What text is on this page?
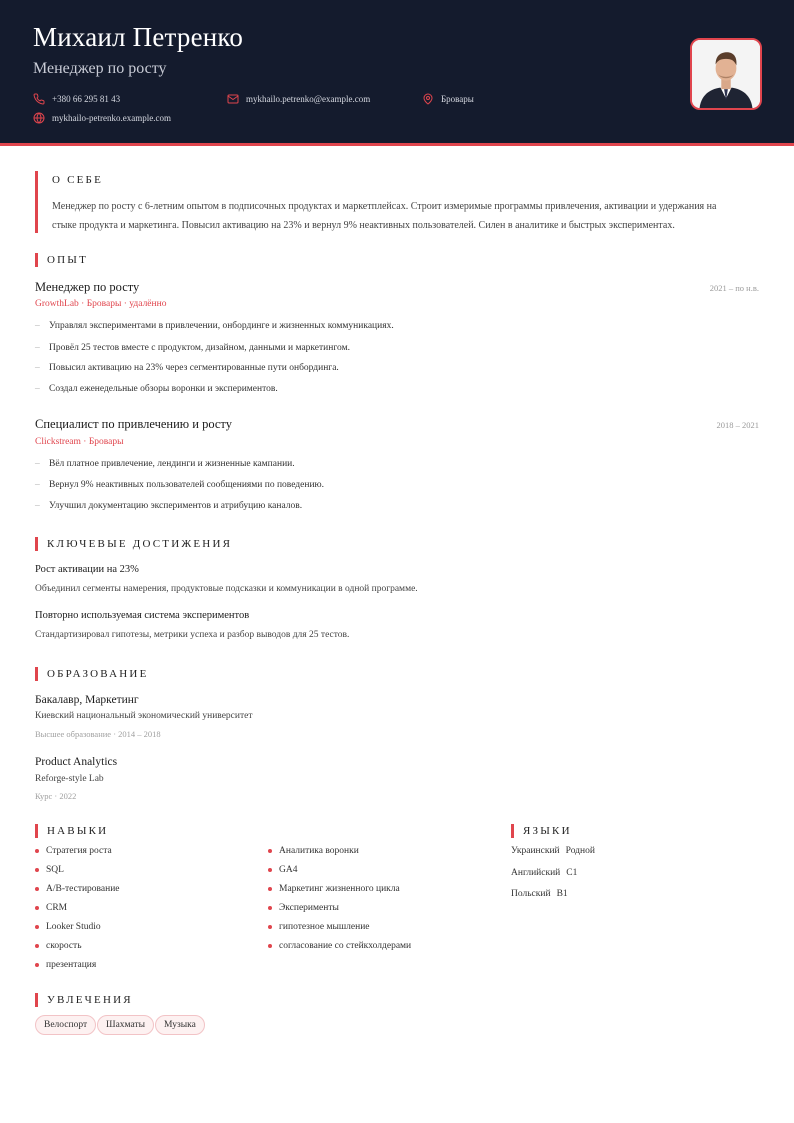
Михаил Петренко
Менеджер по росту
+380 66 295 81 43	mykhailo.petrenko@example.com	Бровары
mykhailo-petrenko.example.com
О СЕБЕ
Менеджер по росту с 6-летним опытом в подписочных продуктах и маркетплейсах. Строит измеримые программы привлечения, активации и удержания на
стыке продукта и маркетинга. Повысил активацию на 23% и вернул 9% неактивных пользователей. Силен в аналитике и быстрых экспериментах.
ОПЫТ
Менеджер по росту	2021 – по н.в.
GrowthLab · Бровары · удалённо
– Управлял экспериментами в привлечении, онбординге и жизненных коммуникациях.
– Провёл 25 тестов вместе с продуктом, дизайном, данными и маркетингом.
– Повысил активацию на 23% через сегментированные пути онбординга.
– Создал еженедельные обзоры воронки и экспериментов.
Специалист по привлечению и росту	2018 – 2021
Clickstream · Бровары
– Вёл платное привлечение, лендинги и жизненные кампании.
– Вернул 9% неактивных пользователей сообщениями по поведению.
– Улучшил документацию экспериментов и атрибуцию каналов.
КЛЮЧЕВЫЕ ДОСТИЖЕНИЯ
Рост активации на 23%
Объединил сегменты намерения, продуктовые подсказки и коммуникации в одной программе.
Повторно используемая система экспериментов
Стандартизировал гипотезы, метрики успеха и разбор выводов для 25 тестов.
ОБРАЗОВАНИЕ
Бакалавр, Маркетинг
Киевский национальный экономический университет
Высшее образование · 2014 – 2018
Product Analytics
Reforge-style Lab
Курс · 2022
НАВЫКИ
Стратегия роста
SQL
A/B-тестирование
CRM
Looker Studio
скорость
презентация
Аналитика воронки
GA4
Маркетинг жизненного цикла
Эксперименты
гипотезное мышление
согласование со стейкхолдерами
ЯЗЫКИ
Украинский Родной
Английский C1
Польский B1
УВЛЕЧЕНИЯ
Велоспорт	Шахматы	Музыка
